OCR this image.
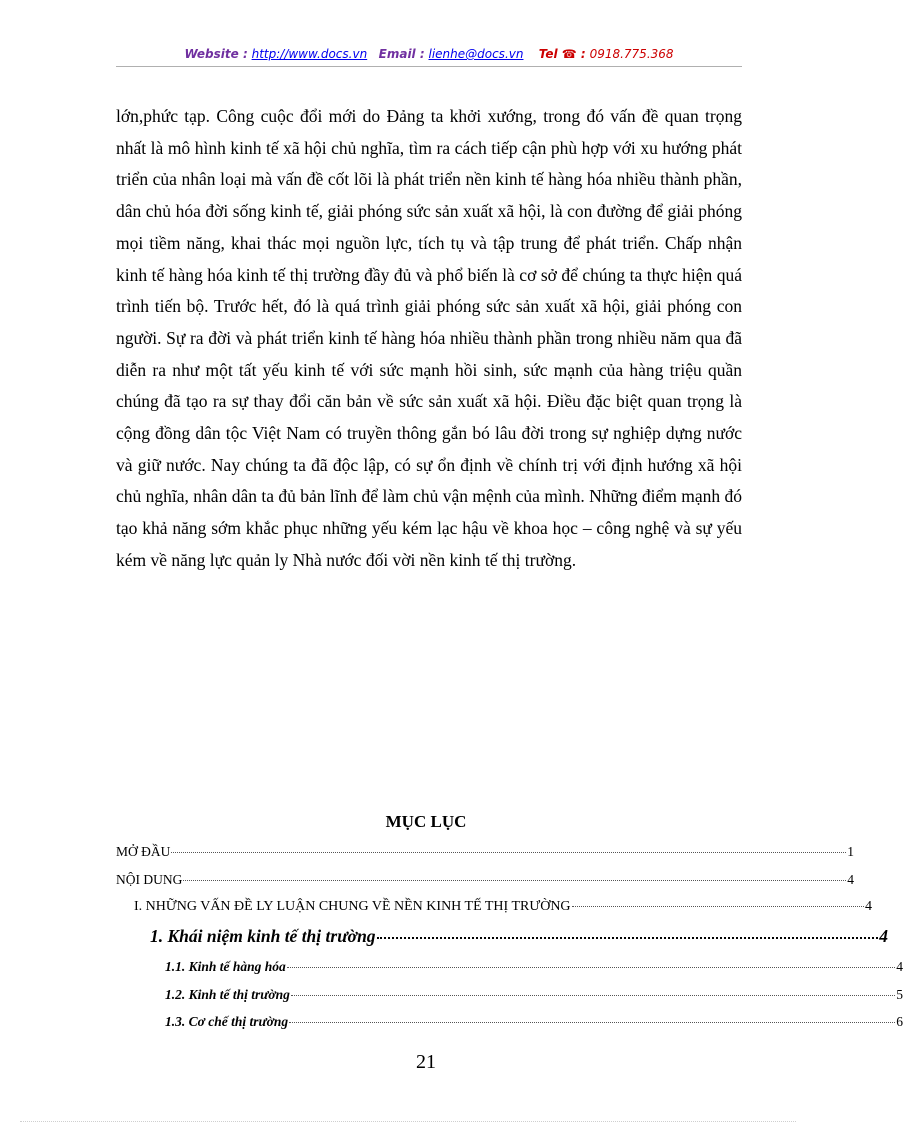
Website : http://www.docs.vn Email : lienhe@docs.vn Tel ☎ : 0918.775.368

lớn,phức tạp. Công cuộc đổi mới do Đảng ta khởi xướng, trong đó vấn đề quan trọng nhất là mô hình kinh tế xã hội chủ nghĩa, tìm ra cách tiếp cận phù hợp với xu hướng phát triển của nhân loại mà vấn đề cốt lõi là phát triển nền kinh tế hàng hóa nhiều thành phần, dân chủ hóa đời sống kinh tế, giải phóng sức sản xuất xã hội, là con đường để giải phóng mọi tiềm năng, khai thác mọi nguồn lực, tích tụ và tập trung để phát triển. Chấp nhận kinh tế hàng hóa kinh tế thị trường đầy đủ và phổ biến là cơ sở để chúng ta thực hiện quá trình tiến bộ. Trước hết, đó là quá trình giải phóng sức sản xuất xã hội, giải phóng con người. Sự ra đời và phát triển kinh tế hàng hóa nhiều thành phần trong nhiều năm qua đã diễn ra như một tất yếu kinh tế với sức mạnh hồi sinh, sức mạnh của hàng triệu quần chúng đã tạo ra sự thay đổi căn bản về sức sản xuất xã hội. Điều đặc biệt quan trọng là cộng đồng dân tộc Việt Nam có truyền thông gắn bó lâu đời trong sự nghiệp dựng nước và giữ nước. Nay chúng ta đã độc lập, có sự ổn định về chính trị với định hướng xã hội chủ nghĩa, nhân dân ta đủ bản lĩnh để làm chủ vận mệnh của mình. Những điểm mạnh đó tạo khả năng sớm khắc phục những yếu kém lạc hậu về khoa học – công nghệ và sự yếu kém về năng lực quản ly Nhà nước đối vời nền kinh tế thị trường.

MỤC LỤC
MỞ ĐẦU	1
NỘI DUNG	4
I. NHỮNG VẤN ĐỀ LY LUẬN CHUNG VỀ NỀN KINH TẾ THỊ TRƯỜNG	4
1. Khái niệm kinh tế thị trường	4
1.1. Kinh tế hàng hóa	4
1.2. Kinh tế thị trường	5
1.3. Cơ chế thị trường	6
21
